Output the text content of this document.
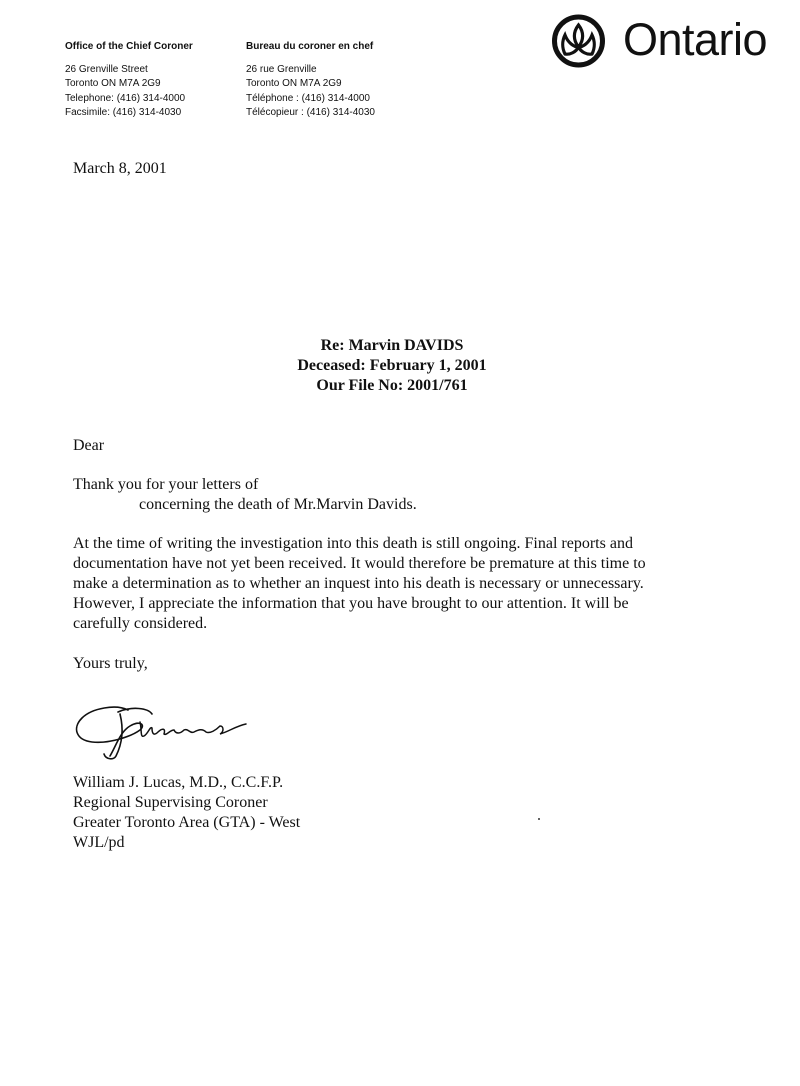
Office of the Chief Coroner
26 Grenville Street
Toronto ON M7A 2G9
Telephone: (416) 314-4000
Facsimile: (416) 314-4030
Bureau du coroner en chef
26 rue Grenville
Toronto ON M7A 2G9
Téléphone : (416) 314-4000
Télécopieur : (416) 314-4030
Ontario
March 8, 2001
Re: Marvin DAVIDS
Deceased: February 1, 2001
Our File No: 2001/761
Dear
Thank you for your letters of
concerning the death of Mr.Marvin Davids.
At the time of writing the investigation into this death is still ongoing. Final reports and
documentation have not yet been received. It would therefore be premature at this time to
make a determination as to whether an inquest into his death is necessary or unnecessary.
However, I appreciate the information that you have brought to our attention. It will be
carefully considered.
Yours truly,
William J. Lucas, M.D., C.C.F.P.
Regional Supervising Coroner
Greater Toronto Area (GTA) - West
WJL/pd
